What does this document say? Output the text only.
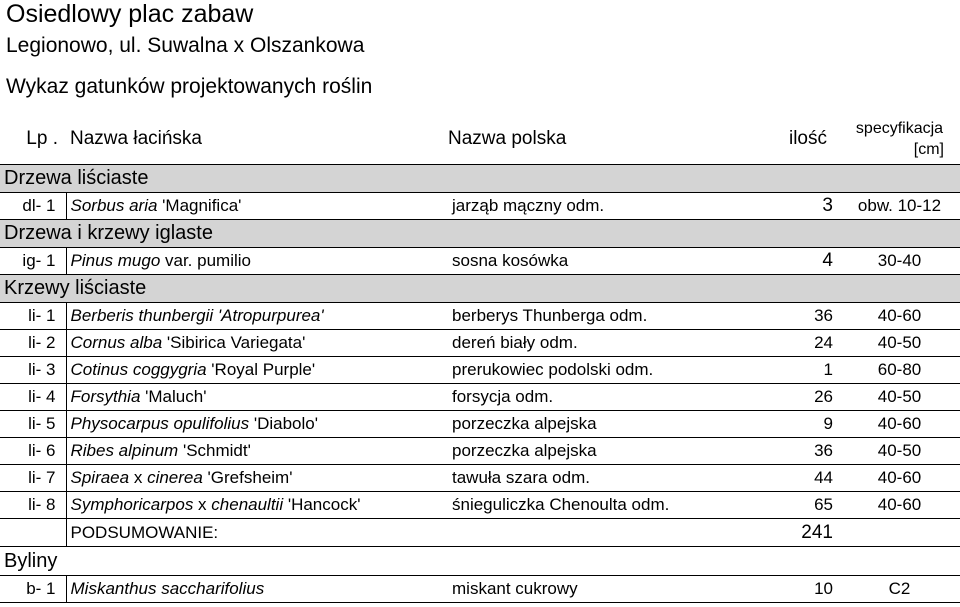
Osiedlowy plac zabaw
Legionowo, ul. Suwalna x Olszankowa
Wykaz gatunków projektowanych roślin
Lp .	Nazwa łacińska	Nazwa polska	ilość	specyfikacja
[cm]

Drzewa liściaste				
dl- 1	Sorbus aria 'Magnifica'	jarząb mączny odm.	3	obw. 10-12
Drzewa i krzewy iglaste				
ig- 1	Pinus mugo var. pumilio	sosna kosówka	4	30-40
Krzewy liściaste				
li- 1	Berberis thunbergii 'Atropurpurea'	berberys Thunberga odm.	36	40-60
li- 2	Cornus alba 'Sibirica Variegata'	dereń biały odm.	24	40-50
li- 3	Cotinus coggygria 'Royal Purple'	prerukowiec podolski odm.	1	60-80
li- 4	Forsythia 'Maluch'	forsycja odm.	26	40-50
li- 5	Physocarpus opulifolius 'Diabolo'	porzeczka alpejska	9	40-60
li- 6	Ribes alpinum 'Schmidt'	porzeczka alpejska	36	40-50
li- 7	Spiraea x cinerea 'Grefsheim'	tawuła szara odm.	44	40-60
li- 8	Symphoricarpos x chenaultii 'Hancock'	śnieguliczka Chenoulta odm.	65	40-60
	PODSUMOWANIE:		241	
Byliny				
b- 1	Miskanthus saccharifolius	miskant cukrowy	10	C2
